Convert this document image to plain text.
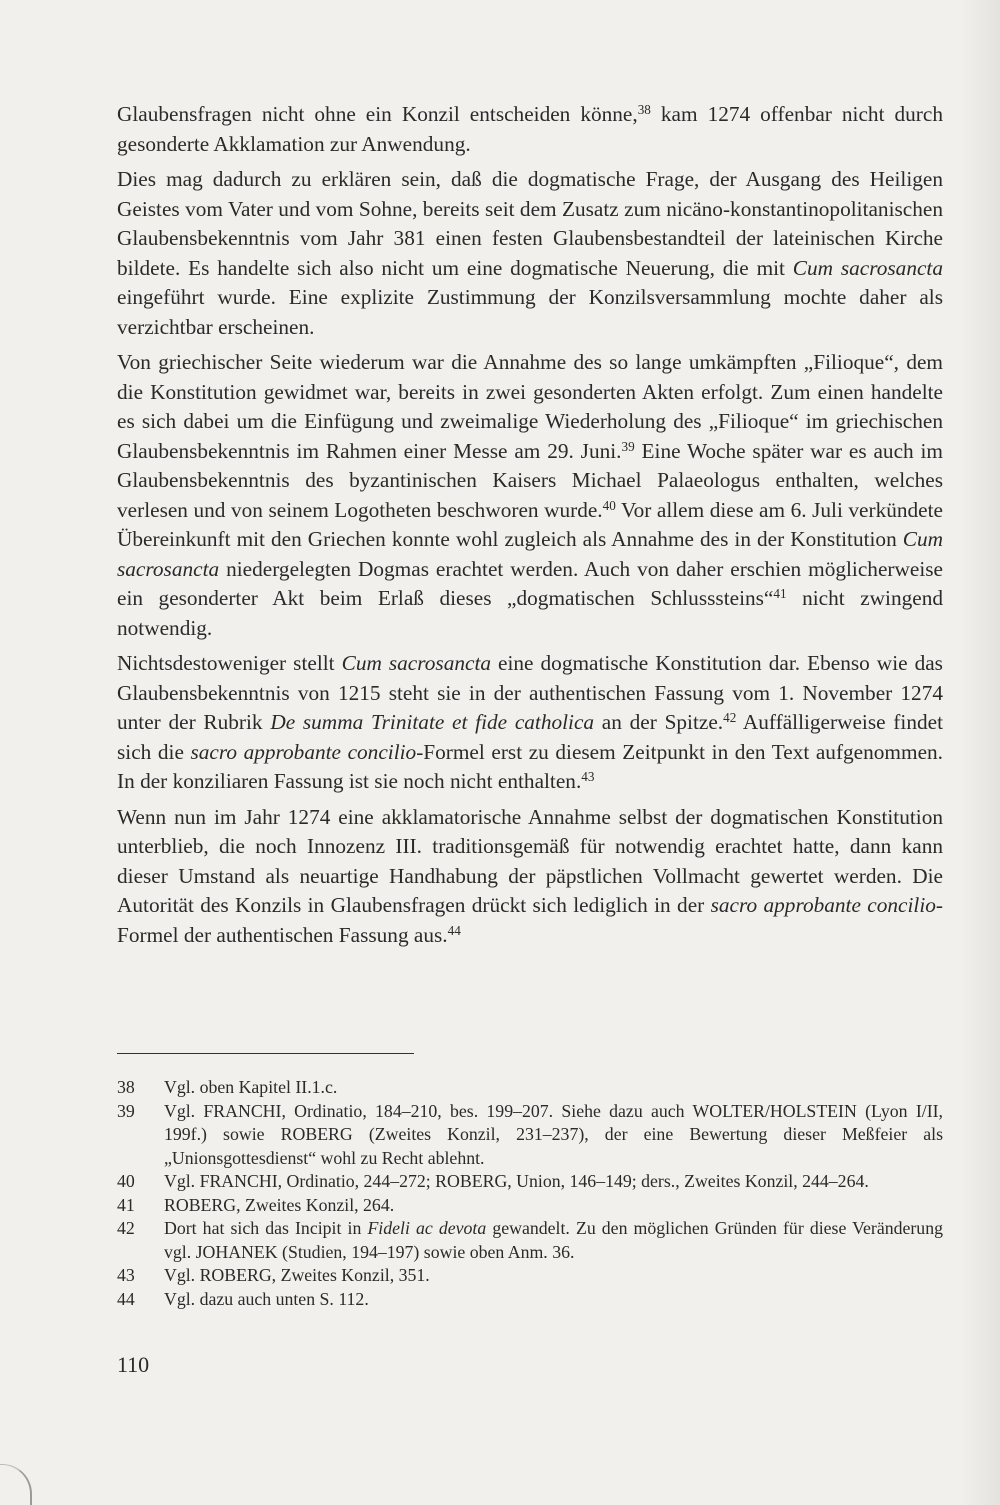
Glaubensfragen nicht ohne ein Konzil entscheiden könne,$^{38}$ kam 1274 offenbar nicht durch gesonderte Akklamation zur Anwendung.

Dies mag dadurch zu erklären sein, daß die dogmatische Frage, der Ausgang des Heiligen Geistes vom Vater und vom Sohne, bereits seit dem Zusatz zum nicäno-konstantinopolitanischen Glaubensbekenntnis vom Jahr 381 einen festen Glaubensbestandteil der lateinischen Kirche bildete. Es handelte sich also nicht um eine dogmatische Neuerung, die mit Cum sacrosancta eingeführt wurde. Eine explizite Zustimmung der Konzilsversammlung mochte daher als verzichtbar erscheinen.

Von griechischer Seite wiederum war die Annahme des so lange umkämpften „Filioque“, dem die Konstitution gewidmet war, bereits in zwei gesonderten Akten erfolgt. Zum einen handelte es sich dabei um die Einfügung und zweimalige Wiederholung des „Filioque“ im griechischen Glaubensbekenntnis im Rahmen einer Messe am 29. Juni.$^{39}$ Eine Woche später war es auch im Glaubensbekenntnis des byzantinischen Kaisers Michael Palaeologus enthalten, welches verlesen und von seinem Logotheten beschworen wurde.$^{40}$ Vor allem diese am 6. Juli verkündete Übereinkunft mit den Griechen konnte wohl zugleich als Annahme des in der Konstitution Cum sacrosancta niedergelegten Dogmas erachtet werden. Auch von daher erschien möglicherweise ein gesonderter Akt beim Erlaß dieses „dogmatischen Schlusssteins“$^{41}$ nicht zwingend notwendig.

Nichtsdestoweniger stellt Cum sacrosancta eine dogmatische Konstitution dar. Ebenso wie das Glaubensbekenntnis von 1215 steht sie in der authentischen Fassung vom 1. November 1274 unter der Rubrik De summa Trinitate et fide catholica an der Spitze.$^{42}$ Auffälligerweise findet sich die sacro approbante concilio-Formel erst zu diesem Zeitpunkt in den Text aufgenommen. In der konziliaren Fassung ist sie noch nicht enthalten.$^{43}$

Wenn nun im Jahr 1274 eine akklamatorische Annahme selbst der dogmatischen Konstitution unterblieb, die noch Innozenz III. traditionsgemäß für notwendig erachtet hatte, dann kann dieser Umstand als neuartige Handhabung der päpstlichen Vollmacht gewertet werden. Die Autorität des Konzils in Glaubensfragen drückt sich lediglich in der sacro approbante concilio-Formel der authentischen Fassung aus.$^{44}$

38	Vgl. oben Kapitel II.1.c.
39	Vgl. FRANCHI, Ordinatio, 184–210, bes. 199–207. Siehe dazu auch WOLTER/HOLSTEIN (Lyon I/II, 199f.) sowie ROBERG (Zweites Konzil, 231–237), der eine Bewertung dieser Meßfeier als „Unionsgottesdienst“ wohl zu Recht ablehnt.
40	Vgl. FRANCHI, Ordinatio, 244–272; ROBERG, Union, 146–149; ders., Zweites Konzil, 244–264.
41	ROBERG, Zweites Konzil, 264.
42	Dort hat sich das Incipit in Fideli ac devota gewandelt. Zu den möglichen Gründen für diese Veränderung vgl. JOHANEK (Studien, 194–197) sowie oben Anm. 36.
43	Vgl. ROBERG, Zweites Konzil, 351.
44	Vgl. dazu auch unten S. 112.
110
